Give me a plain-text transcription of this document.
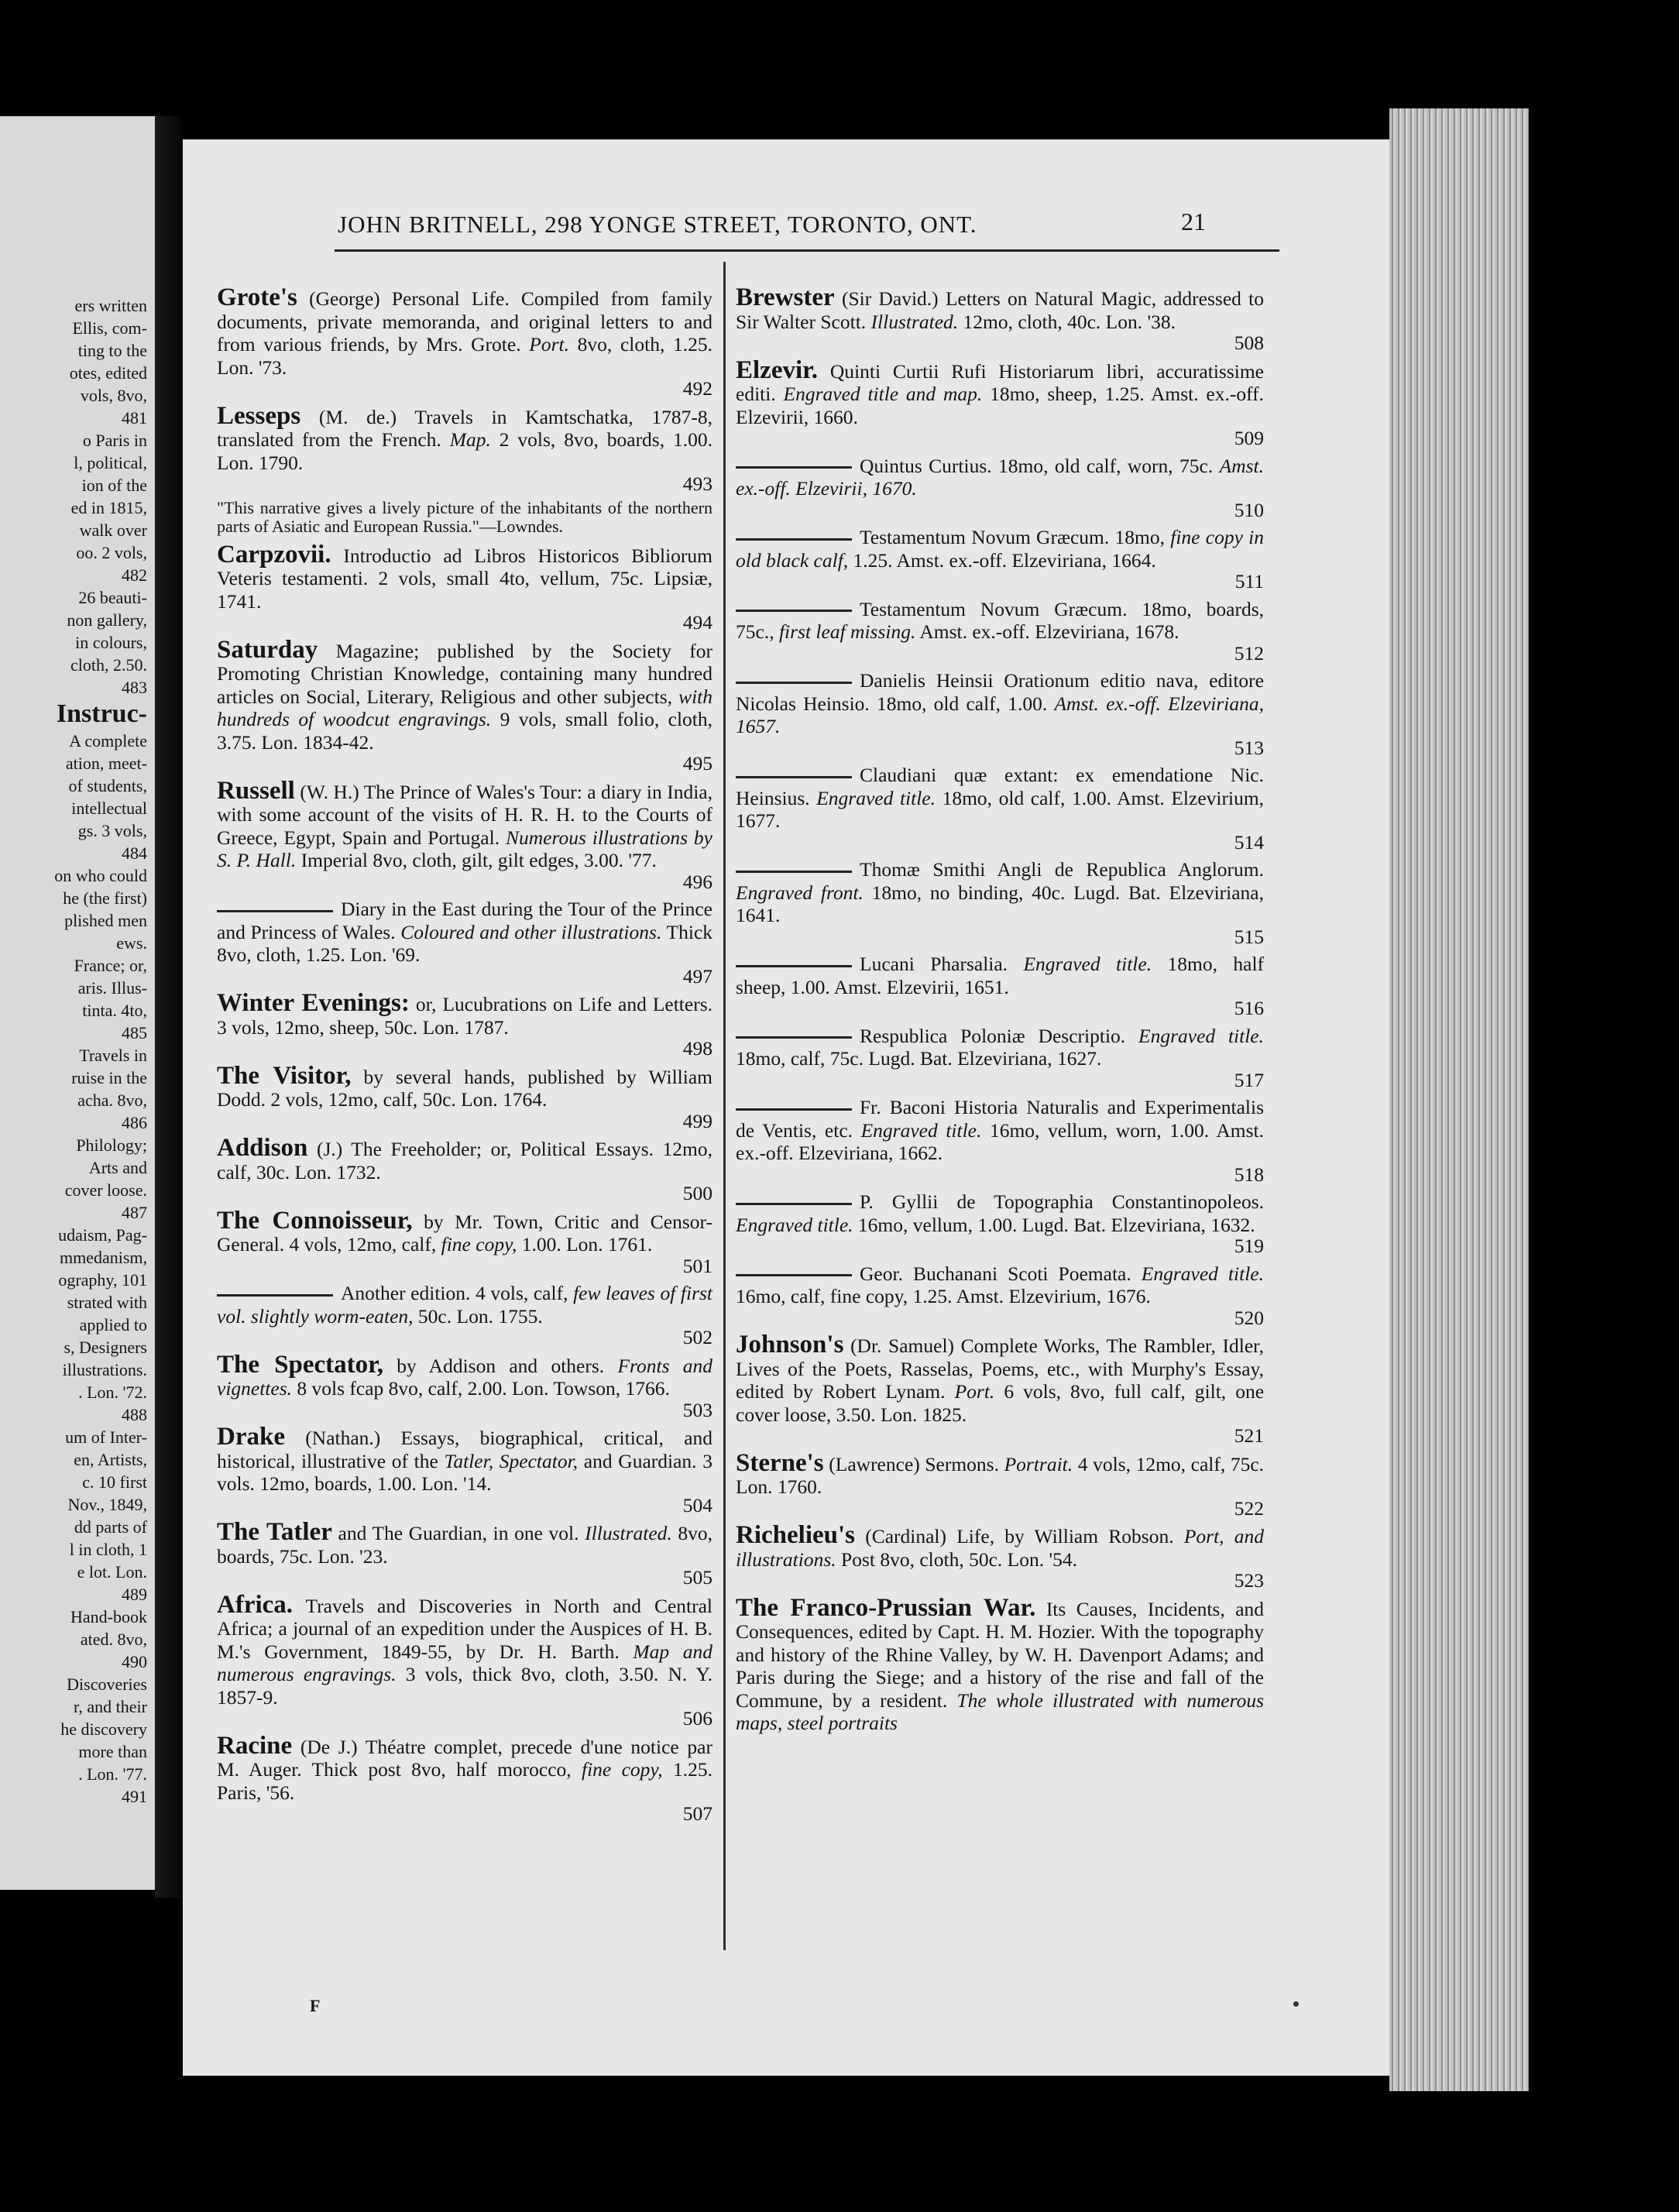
ers written
Ellis, com-
ting to the
otes, edited
vols, 8vo,
481
o Paris in
l, political,
ion of the
ed in 1815,
walk over
oo. 2 vols,
482
26 beauti-
non gallery,
in colours,
cloth, 2.50.
483
Instruc-
A complete
ation, meet-
of students,
intellectual
gs. 3 vols,
484
on who could
he (the first)
plished men
ews.
France; or,
aris. Illus-
tinta. 4to,
485
Travels in
ruise in the
acha. 8vo,
486
Philology;
Arts and
cover loose.
487
udaism, Pag-
mmedanism,
ography, 101
strated with
applied to
s, Designers
illustrations.
. Lon. '72.
488
um of Inter-
en, Artists,
c. 10 first
Nov., 1849,
dd parts of
l in cloth, 1
e lot. Lon.
489
Hand-book
ated. 8vo,
490
Discoveries
r, and their
he discovery
more than
. Lon. '77.
491
JOHN BRITNELL, 298 YONGE STREET, TORONTO, ONT.	21
Grote's (George) Personal Life. Compiled from family documents, private memoranda, and original letters to and from various friends, by Mrs. Grote. Port. 8vo, cloth, 1.25. Lon. '73.
492
Lesseps (M. de.) Travels in Kamtschatka, 1787-8, translated from the French. Map. 2 vols, 8vo, boards, 1.00. Lon. 1790.
493
"This narrative gives a lively picture of the inhabitants of the northern parts of Asiatic and European Russia."—Lowndes.
Carpzovii. Introductio ad Libros Historicos Bibliorum Veteris testamenti. 2 vols, small 4to, vellum, 75c. Lipsiæ, 1741.
494
Saturday Magazine; published by the Society for Promoting Christian Knowledge, containing many hundred articles on Social, Literary, Religious and other subjects, with hundreds of woodcut engravings. 9 vols, small folio, cloth, 3.75. Lon. 1834-42.
495
Russell (W. H.) The Prince of Wales's Tour: a diary in India, with some account of the visits of H. R. H. to the Courts of Greece, Egypt, Spain and Portugal. Numerous illustrations by S. P. Hall. Imperial 8vo, cloth, gilt, gilt edges, 3.00. '77.
496
Diary in the East during the Tour of the Prince and Princess of Wales. Coloured and other illustrations. Thick 8vo, cloth, 1.25. Lon. '69.
497
Winter Evenings: or, Lucubrations on Life and Letters. 3 vols, 12mo, sheep, 50c. Lon. 1787.
498
The Visitor, by several hands, published by William Dodd. 2 vols, 12mo, calf, 50c. Lon. 1764.
499
Addison (J.) The Freeholder; or, Political Essays. 12mo, calf, 30c. Lon. 1732.
500
The Connoisseur, by Mr. Town, Critic and Censor-General. 4 vols, 12mo, calf, fine copy, 1.00. Lon. 1761.
501
Another edition. 4 vols, calf, few leaves of first vol. slightly worm-eaten, 50c. Lon. 1755.
502
The Spectator, by Addison and others. Fronts and vignettes. 8 vols fcap 8vo, calf, 2.00. Lon. Towson, 1766.
503
Drake (Nathan.) Essays, biographical, critical, and historical, illustrative of the Tatler, Spectator, and Guardian. 3 vols. 12mo, boards, 1.00. Lon. '14.
504
The Tatler and The Guardian, in one vol. Illustrated. 8vo, boards, 75c. Lon. '23.
505
Africa. Travels and Discoveries in North and Central Africa; a journal of an expedition under the Auspices of H. B. M.'s Government, 1849-55, by Dr. H. Barth. Map and numerous engravings. 3 vols, thick 8vo, cloth, 3.50. N. Y. 1857-9.
506
Racine (De J.) Théatre complet, precede d'une notice par M. Auger. Thick post 8vo, half morocco, fine copy, 1.25. Paris, '56.
507
Brewster (Sir David.) Letters on Natural Magic, addressed to Sir Walter Scott. Illustrated. 12mo, cloth, 40c. Lon. '38.
508
Elzevir. Quinti Curtii Rufi Historiarum libri, accuratissime editi. Engraved title and map. 18mo, sheep, 1.25. Amst. ex.-off. Elzevirii, 1660.
509
Quintus Curtius. 18mo, old calf, worn, 75c. Amst. ex.-off. Elzevirii, 1670.
510
Testamentum Novum Græcum. 18mo, fine copy in old black calf, 1.25. Amst. ex.-off. Elzeviriana, 1664.
511
Testamentum Novum Græcum. 18mo, boards, 75c., first leaf missing. Amst. ex.-off. Elzeviriana, 1678.
512
Danielis Heinsii Orationum editio nava, editore Nicolas Heinsio. 18mo, old calf, 1.00. Amst. ex.-off. Elzeviriana, 1657.
513
Claudiani quæ extant: ex emendatione Nic. Heinsius. Engraved title. 18mo, old calf, 1.00. Amst. Elzevirium, 1677.
514
Thomæ Smithi Angli de Republica Anglorum. Engraved front. 18mo, no binding, 40c. Lugd. Bat. Elzeviriana, 1641.
515
Lucani Pharsalia. Engraved title. 18mo, half sheep, 1.00. Amst. Elzevirii, 1651.
516
Respublica Poloniæ Descriptio. Engraved title. 18mo, calf, 75c. Lugd. Bat. Elzeviriana, 1627.
517
Fr. Baconi Historia Naturalis and Experimentalis de Ventis, etc. Engraved title. 16mo, vellum, worn, 1.00. Amst. ex.-off. Elzeviriana, 1662.
518
P. Gyllii de Topographia Constantinopoleos. Engraved title. 16mo, vellum, 1.00. Lugd. Bat. Elzeviriana, 1632.
519
Geor. Buchanani Scoti Poemata. Engraved title. 16mo, calf, fine copy, 1.25. Amst. Elzevirium, 1676.
520
Johnson's (Dr. Samuel) Complete Works, The Rambler, Idler, Lives of the Poets, Rasselas, Poems, etc., with Murphy's Essay, edited by Robert Lynam. Port. 6 vols, 8vo, full calf, gilt, one cover loose, 3.50. Lon. 1825.
521
Sterne's (Lawrence) Sermons. Portrait. 4 vols, 12mo, calf, 75c. Lon. 1760.
522
Richelieu's (Cardinal) Life, by William Robson. Port, and illustrations. Post 8vo, cloth, 50c. Lon. '54.
523
The Franco-Prussian War. Its Causes, Incidents, and Consequences, edited by Capt. H. M. Hozier. With the topography and history of the Rhine Valley, by W. H. Davenport Adams; and Paris during the Siege; and a history of the rise and fall of the Commune, by a resident. The whole illustrated with numerous maps, steel portraits
F
